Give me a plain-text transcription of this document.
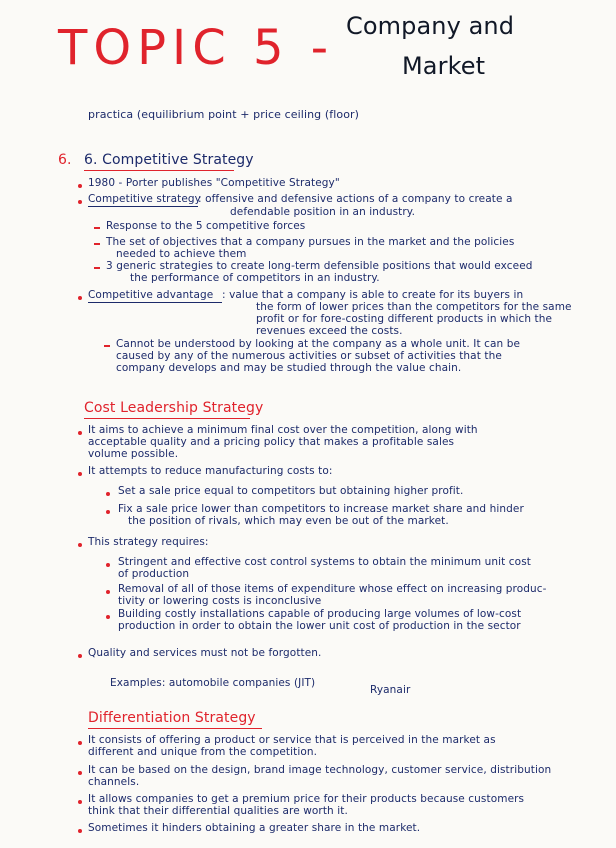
TOPIC 5 - Company and
Market
practica (equilibrium point + price ceiling (floor)
6. 6. Competitive Strategy
1980 - Porter publishes "Competitive Strategy"
Competitive strategy
: offensive and defensive actions of a company to create a
defendable position in an industry.
Response to the 5 competitive forces
The set of objectives that a company pursues in the market and the policies
needed to achieve them
3 generic strategies to create long-term defensible positions that would exceed
the performance of competitors in an industry.
Competitive advantage : value that a company is able to create for its buyers in
the form of lower prices than the competitors for the same
profit or for fore-costing different products in which the
revenues exceed the costs.
Cannot be understood by looking at the company as a whole unit. It can be
caused by any of the numerous activities or subset of activities that the
company develops and may be studied through the value chain.
Cost Leadership Strategy
It aims to achieve a minimum final cost over the competition, along with
acceptable quality and a pricing policy that makes a profitable sales
volume possible.
It attempts to reduce manufacturing costs to:
Set a sale price equal to competitors but obtaining higher profit.
Fix a sale price lower than competitors to increase market share and hinder
the position of rivals, which may even be out of the market.
This strategy requires:
Stringent and effective cost control systems to obtain the minimum unit cost
of production
Removal of all of those items of expenditure whose effect on increasing produc-
tivity or lowering costs is inconclusive
Building costly installations capable of producing large volumes of low-cost
production in order to obtain the lower unit cost of production in the sector
Quality and services must not be forgotten.
Examples: automobile companies (JIT)
Ryanair
Differentiation Strategy
It consists of offering a product or service that is perceived in the market as
different and unique from the competition.
It can be based on the design, brand image technology, customer service, distribution
channels.
It allows companies to get a premium price for their products because customers
think that their differential qualities are worth it.
Sometimes it hinders obtaining a greater share in the market.
